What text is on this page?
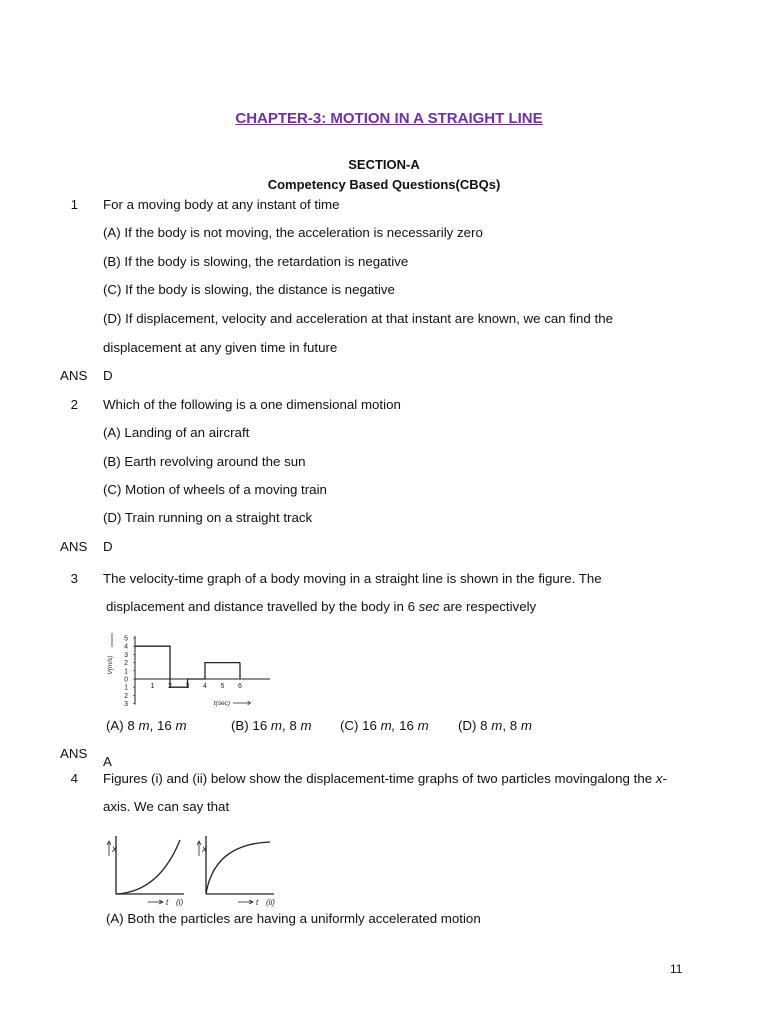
CHAPTER-3: MOTION IN A STRAIGHT LINE
SECTION-A
Competency Based Questions(CBQs)
1 For a moving body at any instant of time
(A) If the body is not moving, the acceleration is necessarily zero
(B) If the body is slowing, the retardation is negative
(C) If the body is slowing, the distance is negative
(D) If displacement, velocity and acceleration at that instant are known, we can find the
displacement at any given time in future
ANS D
2 Which of the following is a one dimensional motion
(A) Landing of an aircraft
(B) Earth revolving around the sun
(C) Motion of wheels of a moving train
(D) Train running on a straight track
ANS D
3 The velocity-time graph of a body moving in a straight line is shown in the figure. The
displacement and distance travelled by the body in 6 sec are respectively
5
4
3
2
1
0
1
2
3
1 2 3 4 5 6
V(m/s)
t(sec)
(A) 8 m, 16 m	(B) 16 m, 8 m (C) 16 m, 16 m (D) 8 m, 8 m
ANS
A
4 Figures (i) and (ii) below show the displacement-time graphs of two particles movingalong the x-
axis. We can say that
x
t (i)
x
t (ii)
(A) Both the particles are having a uniformly accelerated motion
11
